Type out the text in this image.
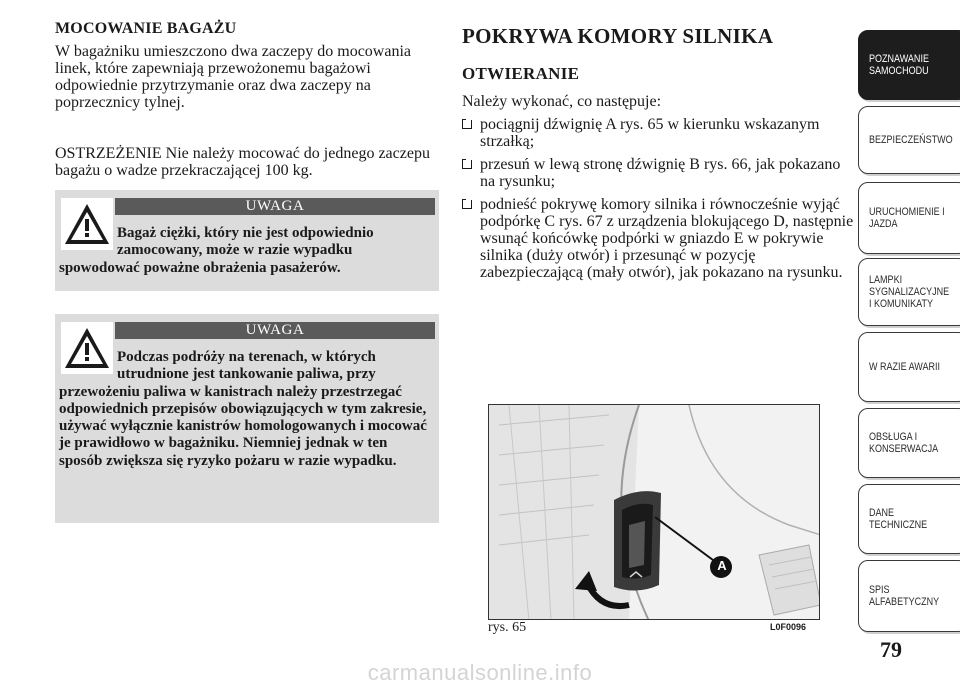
MOCOWANIE BAGAŻU

W bagażniku umieszczono dwa zaczepy do mocowania linek, które zapewniają przewożonemu bagażowi odpowiednie przytrzymanie oraz dwa zaczepy na poprzecznicy tylnej.

OSTRZEŻENIE Nie należy mocować do jednego zaczepu bagażu o wadze przekraczającej 100 kg.

UWAGA

Bagaż ciężki, który nie jest odpowiednio
zamocowany, może w razie wypadku
spowodować poważne obrażenia pasażerów.

UWAGA

Podczas podróży na terenach, w których
utrudnione jest tankowanie paliwa, przy
przewożeniu paliwa w kanistrach należy przestrzegać odpowiednich przepisów obowiązujących w tym zakresie, używać wyłącznie kanistrów homologowanych i mocować je prawidłowo w bagażniku. Niemniej jednak w ten sposób zwiększa się ryzyko pożaru w razie wypadku.

POKRYWA KOMORY SILNIKA
OTWIERANIE
Należy wykonać, co następuje:
pociągnij dźwignię A rys. 65 w kierunku wskazanym strzałką;
przesuń w lewą stronę dźwignię B rys. 66, jak pokazano na rysunku;
podnieść pokrywę komory silnika i równocześnie wyjąć podpórkę C rys. 67 z urządzenia blokującego D, następnie wsunąć końcówkę podpórki w gniazdo E w pokrywie silnika (duży otwór) i przesunąć w pozycję zabezpieczającą (mały otwór), jak pokazano na rysunku.
A
rys. 65	L0F0096
79
POZNAWANIE
SAMOCHODU
BEZPIECZEŃSTWO
URUCHOMIENIE I
JAZDA
LAMPKI
SYGNALIZACYJNE
I KOMUNIKATY
W RAZIE AWARII
OBSŁUGA I
KONSERWACJA
DANE
TECHNICZNE
SPIS
ALFABETYCZNY
carmanualsonline.info
